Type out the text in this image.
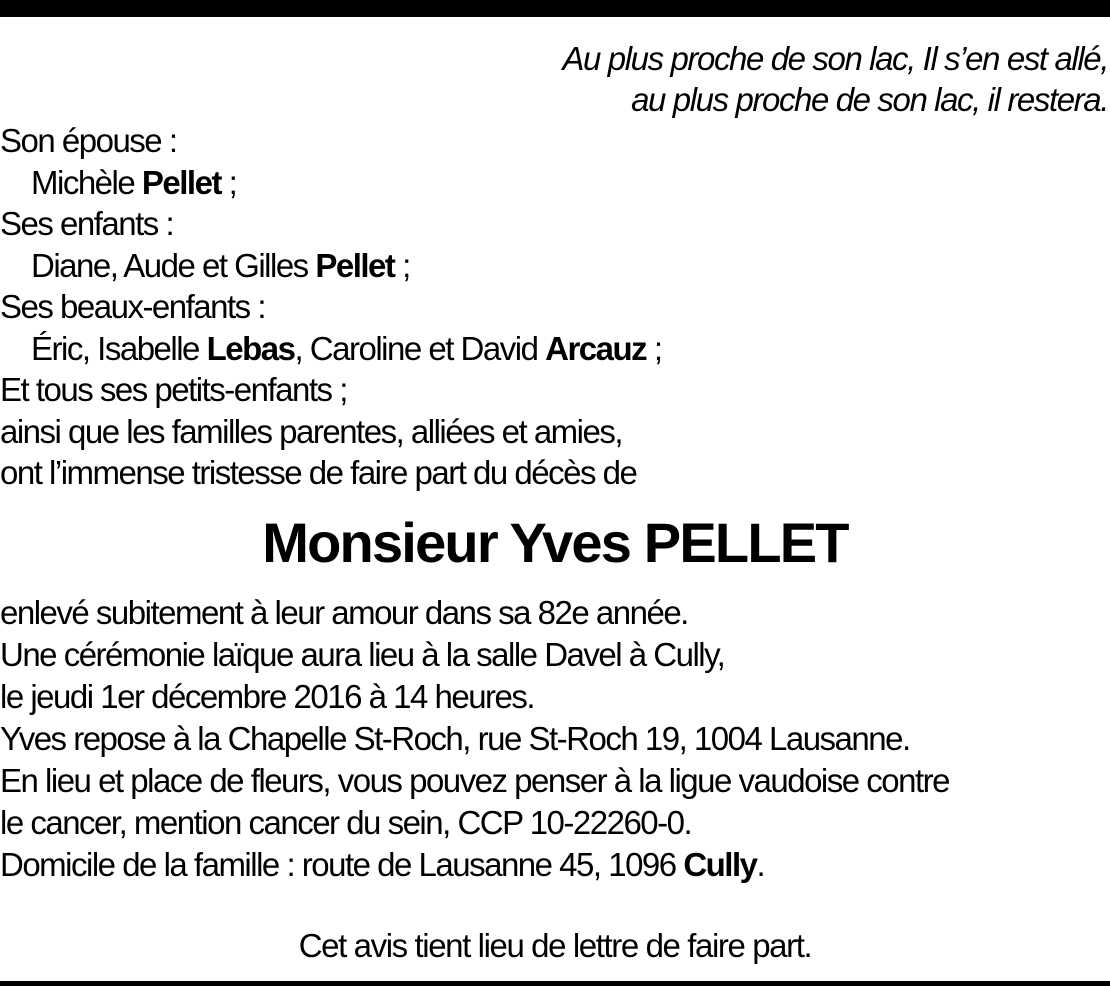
Au plus proche de son lac, Il s’en est allé,
au plus proche de son lac, il restera.
Son épouse :
Michèle Pellet ;
Ses enfants :
Diane, Aude et Gilles Pellet ;
Ses beaux-enfants :
Éric, Isabelle Lebas, Caroline et David Arcauz ;
Et tous ses petits-enfants ;
ainsi que les familles parentes, alliées et amies,
ont l’immense tristesse de faire part du décès de
Monsieur Yves PELLET
enlevé subitement à leur amour dans sa 82e année.
Une cérémonie laïque aura lieu à la salle Davel à Cully,
le jeudi 1er décembre 2016 à 14 heures.
Yves repose à la Chapelle St-Roch, rue St-Roch 19, 1004 Lausanne.
En lieu et place de fleurs, vous pouvez penser à la ligue vaudoise contre
le cancer, mention cancer du sein, CCP 10-22260-0.
Domicile de la famille : route de Lausanne 45, 1096 Cully.
Cet avis tient lieu de lettre de faire part.
